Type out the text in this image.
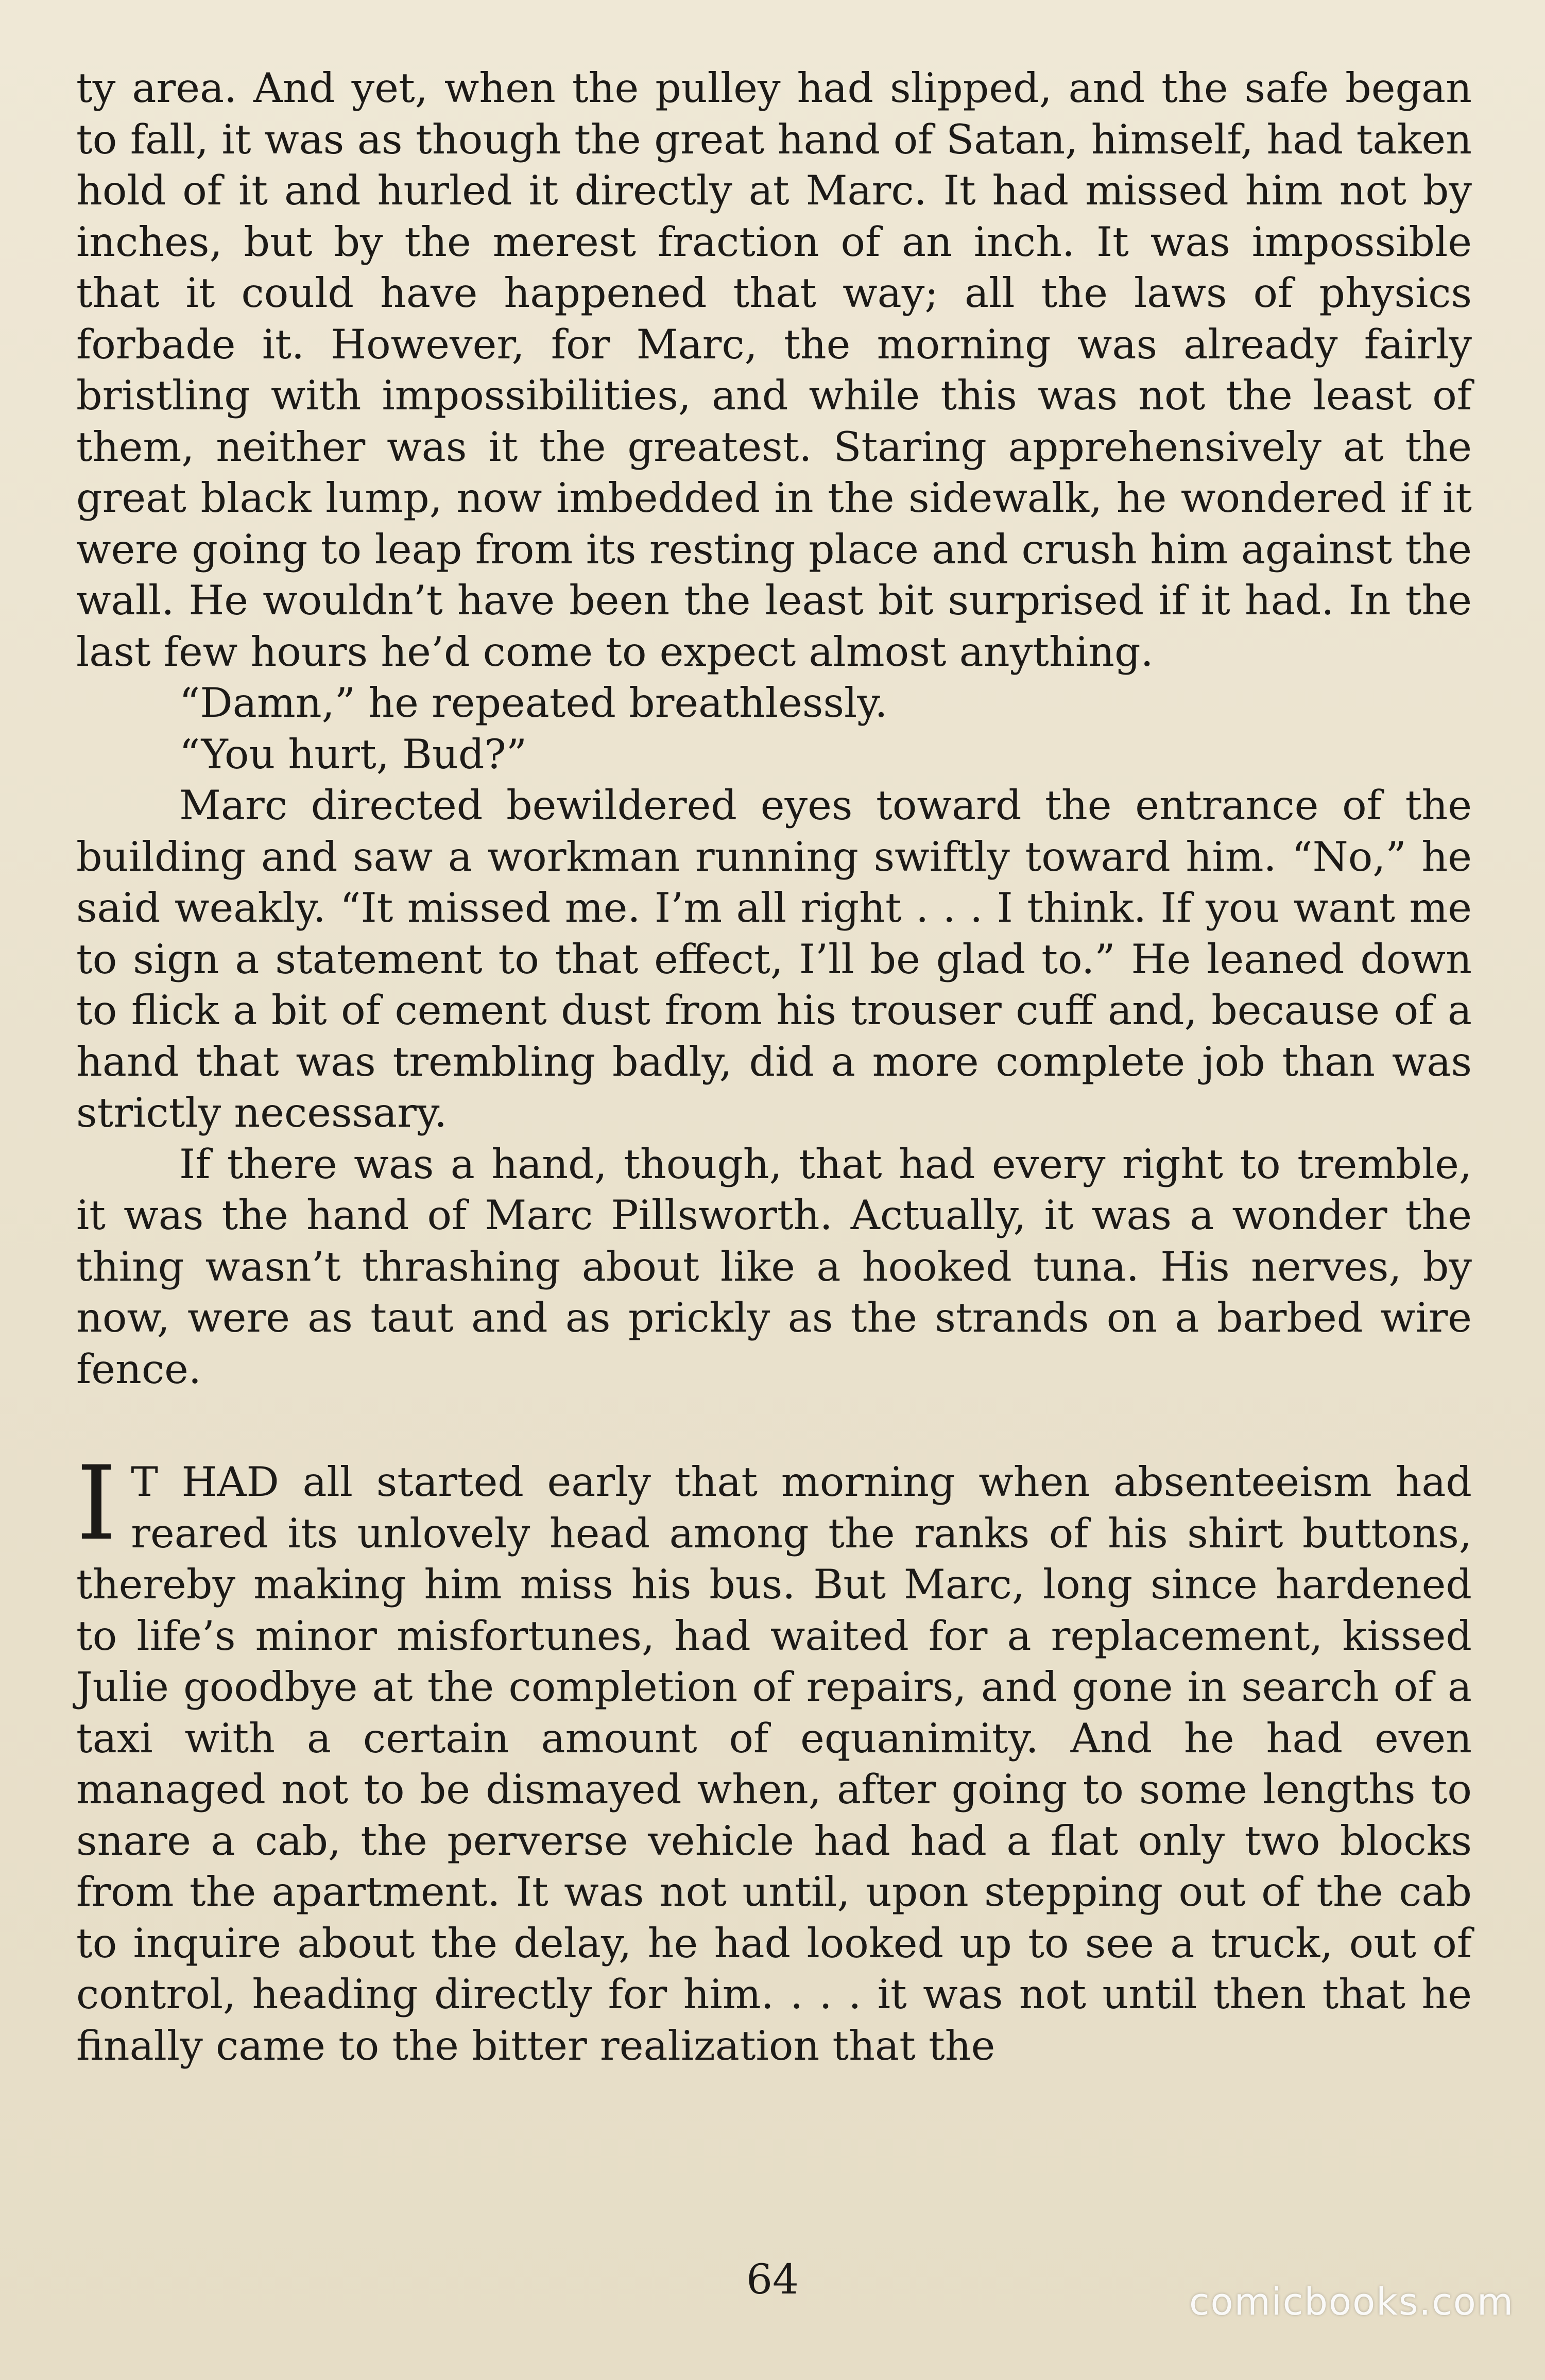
ty area. And yet, when the pulley had slipped, and the safe began to fall, it was as though the great hand of Satan, himself, had taken hold of it and hurled it directly at Marc. It had missed him not by inches, but by the merest fraction of an inch. It was impossible that it could have happened that way; all the laws of physics forbade it. However, for Marc, the morning was already fairly bristling with impossibilities, and while this was not the least of them, neither was it the greatest. Staring apprehensively at the great black lump, now imbedded in the sidewalk, he wondered if it were going to leap from its resting place and crush him against the wall. He wouldn’t have been the least bit surprised if it had. In the last few hours he’d come to expect almost anything.

“Damn,” he repeated breathlessly.

“You hurt, Bud?”

Marc directed bewildered eyes toward the entrance of the building and saw a workman running swiftly toward him. “No,” he said weakly. “It missed me. I’m all right . . . I think. If you want me to sign a statement to that effect, I’ll be glad to.” He leaned down to flick a bit of cement dust from his trouser cuff and, because of a hand that was trembling badly, did a more complete job than was strictly necessary.

If there was a hand, though, that had every right to tremble, it was the hand of Marc Pillsworth. Actually, it was a wonder the thing wasn’t thrashing about like a hooked tuna. His nerves, by now, were as taut and as prickly as the strands on a barbed wire fence.

I T HAD all started early that morning when absenteeism had reared its unlovely head among the ranks of his shirt buttons, thereby making him miss his bus. But Marc, long since hardened to life’s minor misfortunes, had waited for a replacement, kissed Julie goodbye at the completion of repairs, and gone in search of a taxi with a certain amount of equanimity. And he had even managed not to be dismayed when, after going to some lengths to snare a cab, the perverse vehicle had had a flat only two blocks from the apartment. It was not until, upon stepping out of the cab to inquire about the delay, he had looked up to see a truck, out of control, heading directly for him. . . . it was not until then that he finally came to the bitter realization that the

64	comicbooks.com
